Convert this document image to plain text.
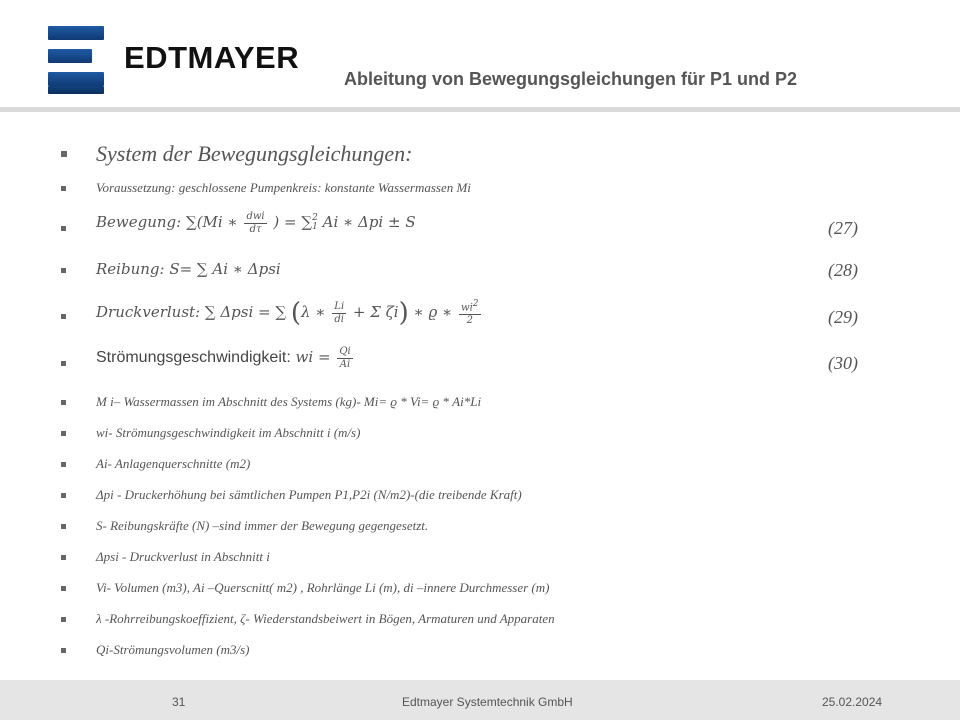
EDTMAYER
Ableitung von Bewegungsgleichungen für P1 und P2
System der Bewegungsgleichungen:
Voraussetzung: geschlossene Pumpenkreis: konstante Wassermassen Mi
Bewegung: ∑(Mi ∗ $\frac{\text{dwi}}{d\tau}$ ) = ∑ 2
1 Ai ∗ Δpi ± S	(27)
Reibung: S= ∑ Ai ∗ Δpsi	(28)
Druckverlust: ∑ Δpsi = ∑ (λ ∗ $\frac{Li}{di} + \Sigma$ ζi) ∗ ϱ ∗ $\frac{wi^2}{2}$	(29)
Strömungsgeschwindigkeit: wi = $\frac{Qi}{Ai}$	(30)
M i– Wassermassen im Abschnitt des Systems (kg)- Mi= ϱ * Vi= ϱ * Ai*Li
wi- Strömungsgeschwindigkeit im Abschnitt i (m/s)
Ai- Anlagenquerschnitte (m2)
Δpi - Druckerhöhung bei sämtlichen Pumpen P1,P2i (N/m2)-(die treibende Kraft)
S- Reibungskräfte (N) –sind immer der Bewegung gegengesetzt.
Δpsi - Druckverlust in Abschnitt i
Vi- Volumen (m3), Ai –Querscnitt( m2) , Rohrlänge Li (m), di –innere Durchmesser (m)
λ -Rohrreibungskoeffizient, ζ- Wiederstandsbeiwert in Bögen, Armaturen und Apparaten
Qi-Strömungsvolumen (m3/s)
31	Edtmayer Systemtechnik GmbH	25.02.2024
